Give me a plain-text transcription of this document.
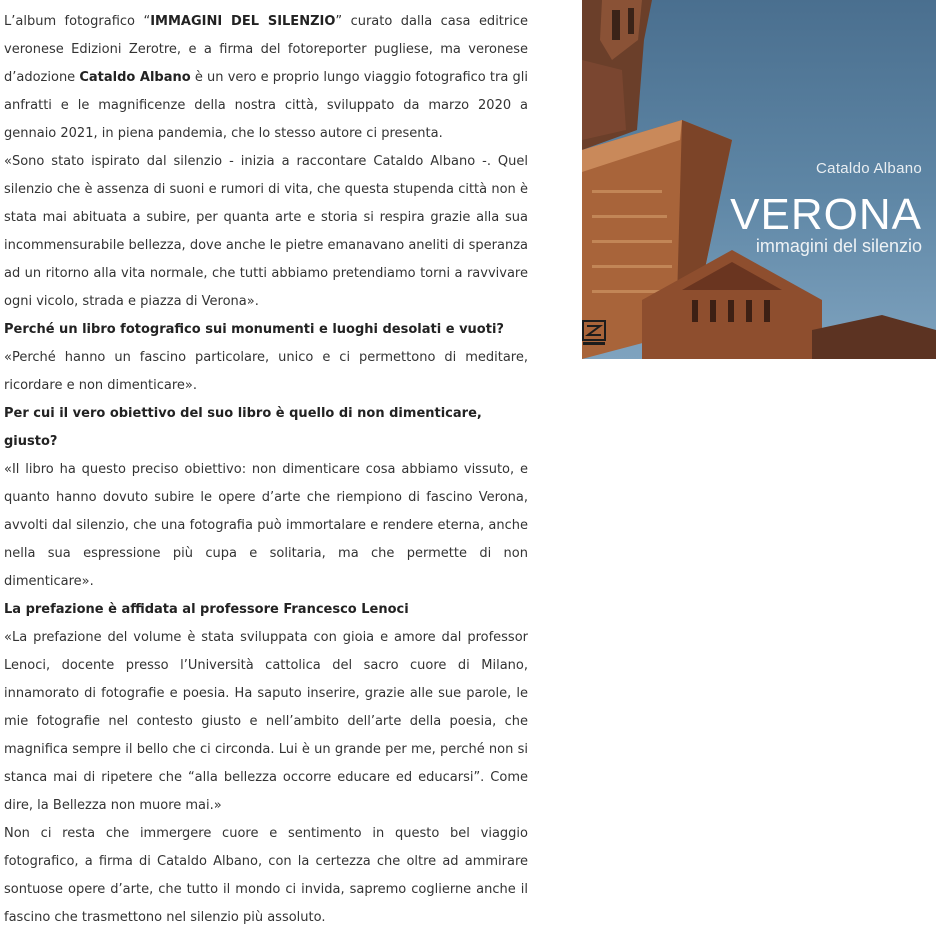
L’album fotografico “IMMAGINI DEL SILENZIO” curato dalla casa editrice veronese Edizioni Zerotre, e a firma del fotoreporter pugliese, ma veronese d’adozione Cataldo Albano è un vero e proprio lungo viaggio fotografico tra gli anfratti e le magnificenze della nostra città, sviluppato da marzo 2020 a gennaio 2021, in piena pandemia, che lo stesso autore ci presenta.

«Sono stato ispirato dal silenzio - inizia a raccontare Cataldo Albano -. Quel silenzio che è assenza di suoni e rumori di vita, che questa stupenda città non è stata mai abituata a subire, per quanta arte e storia si respira grazie alla sua incommensurabile bellezza, dove anche le pietre emanavano aneliti di speranza ad un ritorno alla vita normale, che tutti abbiamo pretendiamo torni a ravvivare ogni vicolo, strada e piazza di Verona».

Perché un libro fotografico sui monumenti e luoghi desolati e vuoti?

«Perché hanno un fascino particolare, unico e ci permettono di meditare, ricordare e non dimenticare».

Per cui il vero obiettivo del suo libro è quello di non dimenticare, giusto?

«Il libro ha questo preciso obiettivo: non dimenticare cosa abbiamo vissuto, e quanto hanno dovuto subire le opere d’arte che riempiono di fascino Verona, avvolti dal silenzio, che una fotografia può immortalare e rendere eterna, anche nella sua espressione più cupa e solitaria, ma che permette di non dimenticare».

La prefazione è affidata al professore Francesco Lenoci

«La prefazione del volume è stata sviluppata con gioia e amore dal professor Lenoci, docente presso l’Università cattolica del sacro cuore di Milano, innamorato di fotografie e poesia. Ha saputo inserire, grazie alle sue parole, le mie fotografie nel contesto giusto e nell’ambito dell’arte della poesia, che magnifica sempre il bello che ci circonda. Lui è un grande per me, perché non si stanca mai di ripetere che “alla bellezza occorre educare ed educarsi”. Come dire, la Bellezza non muore mai.»

Non ci resta che immergere cuore e sentimento in questo bel viaggio fotografico, a firma di Cataldo Albano, con la certezza che oltre ad ammirare sontuose opere d’arte, che tutto il mondo ci invida, sapremo coglierne anche il fascino che trasmettono nel silenzio più assoluto.

Cataldo Albano
VERONA
immagini del silenzio
